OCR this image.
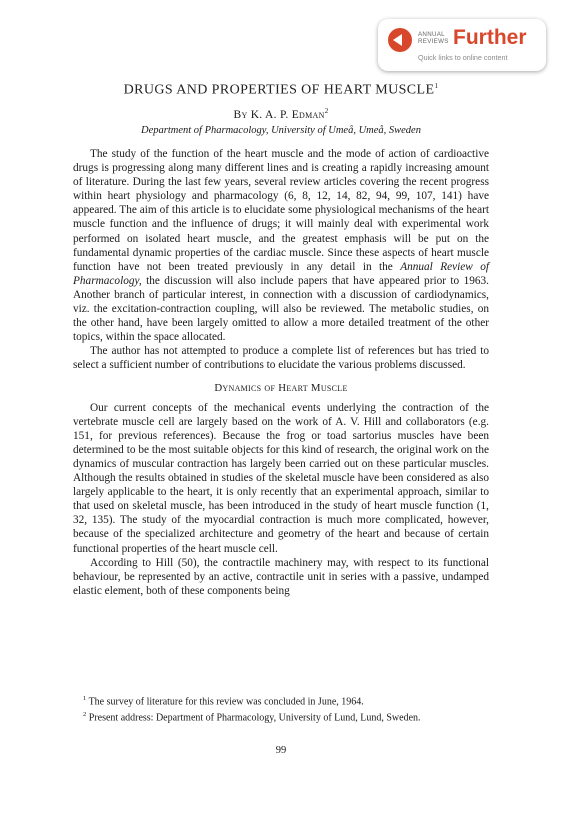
ANNUAL
REVIEWS Further
Quick links to online content
DRUGS AND PROPERTIES OF HEART MUSCLE$^1$
By K. A. P. Edman$^2$
Department of Pharmacology, University of Umeå, Umeå, Sweden

The study of the function of the heart muscle and the mode of action of cardioactive drugs is progressing along many different lines and is creating a rapidly increasing amount of literature. During the last few years, several review articles covering the recent progress within heart physiology and pharmacology (6, 8, 12, 14, 82, 94, 99, 107, 141) have appeared. The aim of this article is to elucidate some physiological mechanisms of the heart muscle function and the influence of drugs; it will mainly deal with experimental work performed on isolated heart muscle, and the greatest emphasis will be put on the fundamental dynamic properties of the cardiac muscle. Since these aspects of heart muscle function have not been treated previously in any detail in the Annual Review of Pharmacology, the discussion will also include papers that have appeared prior to 1963. Another branch of particular interest, in connection with a discussion of cardiodynamics, viz. the excitation-contraction coupling, will also be reviewed. The metabolic studies, on the other hand, have been largely omitted to allow a more detailed treatment of the other topics, within the space allocated.

The author has not attempted to produce a complete list of references but has tried to select a sufficient number of contributions to elucidate the various problems discussed.

Dynamics of Heart Muscle

Our current concepts of the mechanical events underlying the contraction of the vertebrate muscle cell are largely based on the work of A. V. Hill and collaborators (e.g. 151, for previous references). Because the frog or toad sartorius muscles have been determined to be the most suitable objects for this kind of research, the original work on the dynamics of muscular contraction has largely been carried out on these particular muscles. Although the results obtained in studies of the skeletal muscle have been considered as also largely applicable to the heart, it is only recently that an experimental approach, similar to that used on skeletal muscle, has been introduced in the study of heart muscle function (1, 32, 135). The study of the myocardial contraction is much more complicated, however, because of the specialized architecture and geometry of the heart and because of certain functional properties of the heart muscle cell.

According to Hill (50), the contractile machinery may, with respect to its functional behaviour, be represented by an active, contractile unit in series with a passive, undamped elastic element, both of these components being

$^1$ The survey of literature for this review was concluded in June, 1964.

$^2$ Present address: Department of Pharmacology, University of Lund, Lund, Sweden.

99
